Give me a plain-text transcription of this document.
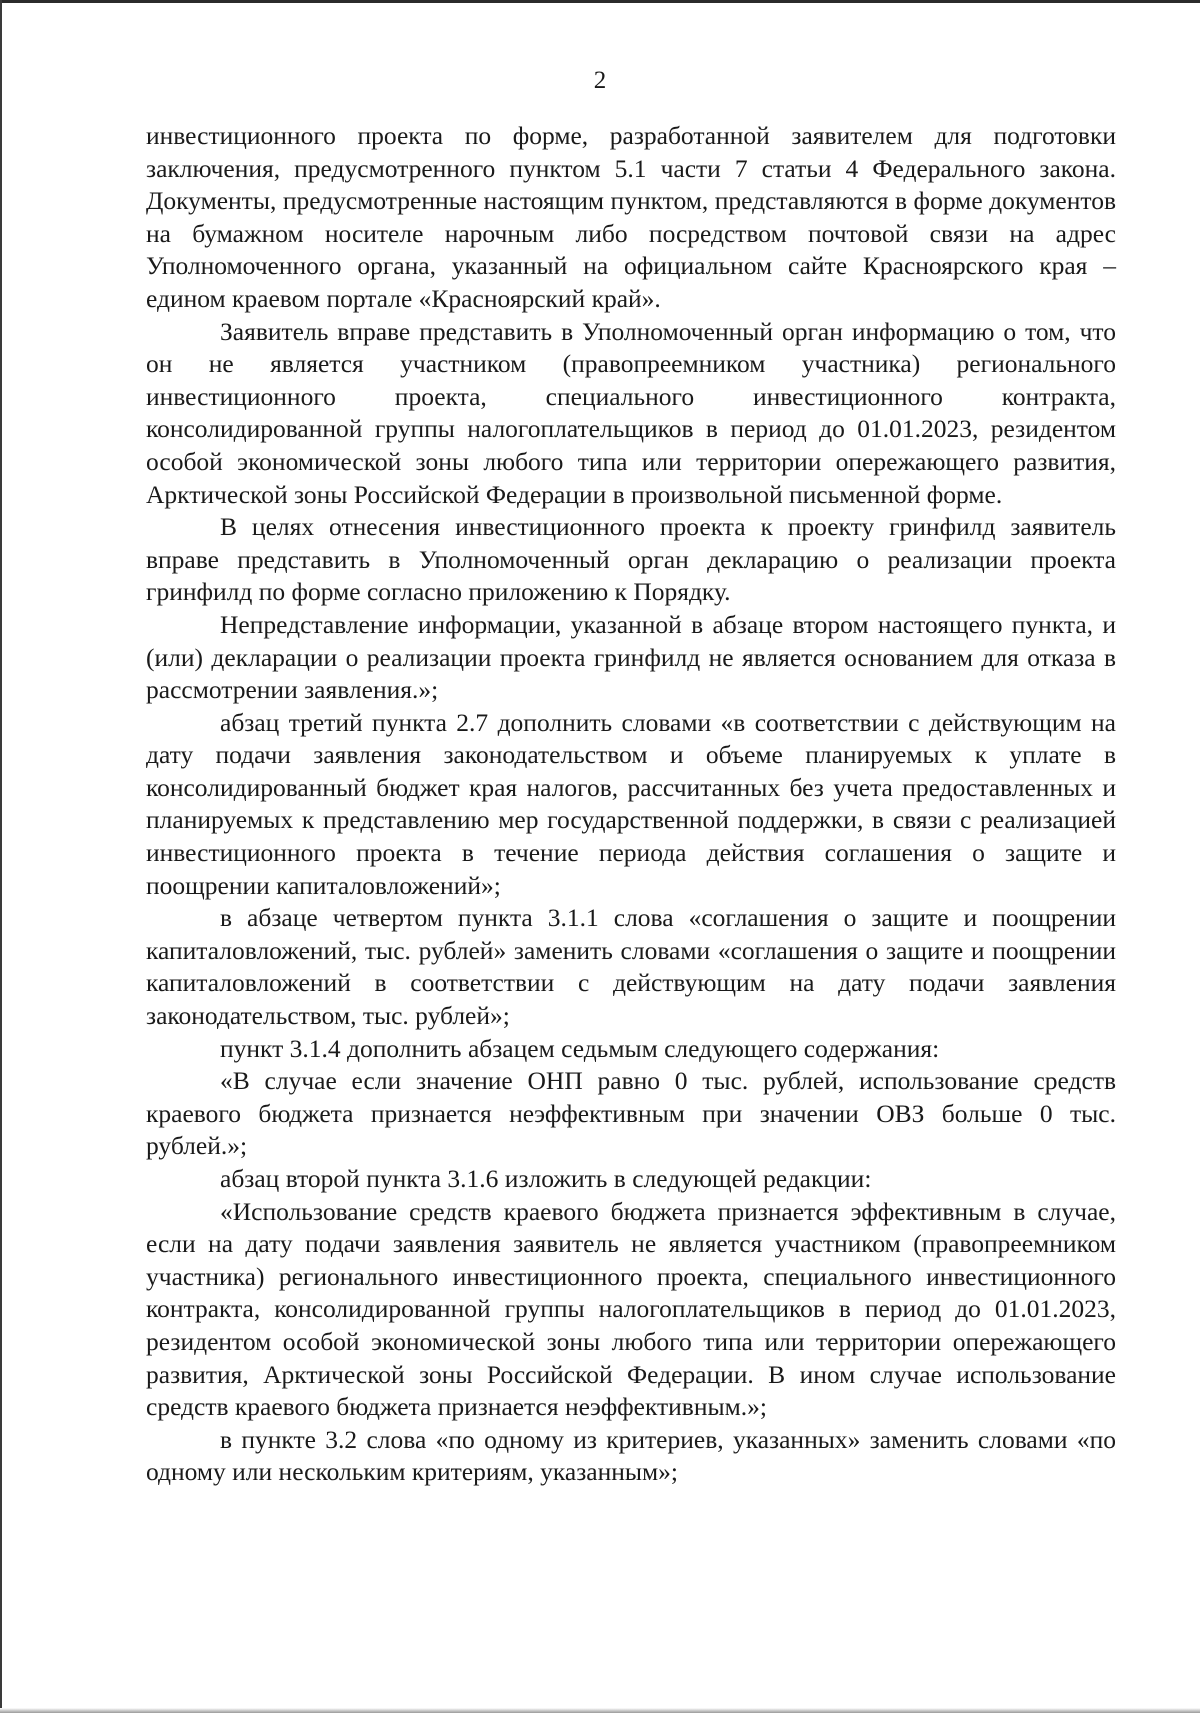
2

инвестиционного проекта по форме, разработанной заявителем для подготовки заключения, предусмотренного пунктом 5.1 части 7 статьи 4 Федерального закона. Документы, предусмотренные настоящим пунктом, представляются в форме документов на бумажном носителе нарочным либо посредством почтовой связи на адрес Уполномоченного органа, указанный на официальном сайте Красноярского края – едином краевом портале «Красноярский край».

Заявитель вправе представить в Уполномоченный орган информацию о том, что он не является участником (правопреемником участника) регионального инвестиционного проекта, специального инвестиционного контракта, консолидированной группы налогоплательщиков в период до 01.01.2023, резидентом особой экономической зоны любого типа или территории опережающего развития, Арктической зоны Российской Федерации в произвольной письменной форме.

В целях отнесения инвестиционного проекта к проекту гринфилд заявитель вправе представить в Уполномоченный орган декларацию о реализации проекта гринфилд по форме согласно приложению к Порядку.

Непредставление информации, указанной в абзаце втором настоящего пункта, и (или) декларации о реализации проекта гринфилд не является основанием для отказа в рассмотрении заявления.»;

абзац третий пункта 2.7 дополнить словами «в соответствии с действующим на дату подачи заявления законодательством и объеме планируемых к уплате в консолидированный бюджет края налогов, рассчитанных без учета предоставленных и планируемых к представлению мер государственной поддержки, в связи с реализацией инвестиционного проекта в течение периода действия соглашения о защите и поощрении капиталовложений»;

в абзаце четвертом пункта 3.1.1 слова «соглашения о защите и поощрении капиталовложений, тыс. рублей» заменить словами «соглашения о защите и поощрении капиталовложений в соответствии с действующим на дату подачи заявления законодательством, тыс. рублей»;

пункт 3.1.4 дополнить абзацем седьмым следующего содержания:

«В случае если значение ОНП равно 0 тыс. рублей, использование средств краевого бюджета признается неэффективным при значении ОВЗ больше 0 тыс. рублей.»;

абзац второй пункта 3.1.6 изложить в следующей редакции:

«Использование средств краевого бюджета признается эффективным в случае, если на дату подачи заявления заявитель не является участником (правопреемником участника) регионального инвестиционного проекта, специального инвестиционного контракта, консолидированной группы налогоплательщиков в период до 01.01.2023, резидентом особой экономической зоны любого типа или территории опережающего развития, Арктической зоны Российской Федерации. В ином случае использование средств краевого бюджета признается неэффективным.»;

в пункте 3.2 слова «по одному из критериев, указанных» заменить словами «по одному или нескольким критериям, указанным»;
